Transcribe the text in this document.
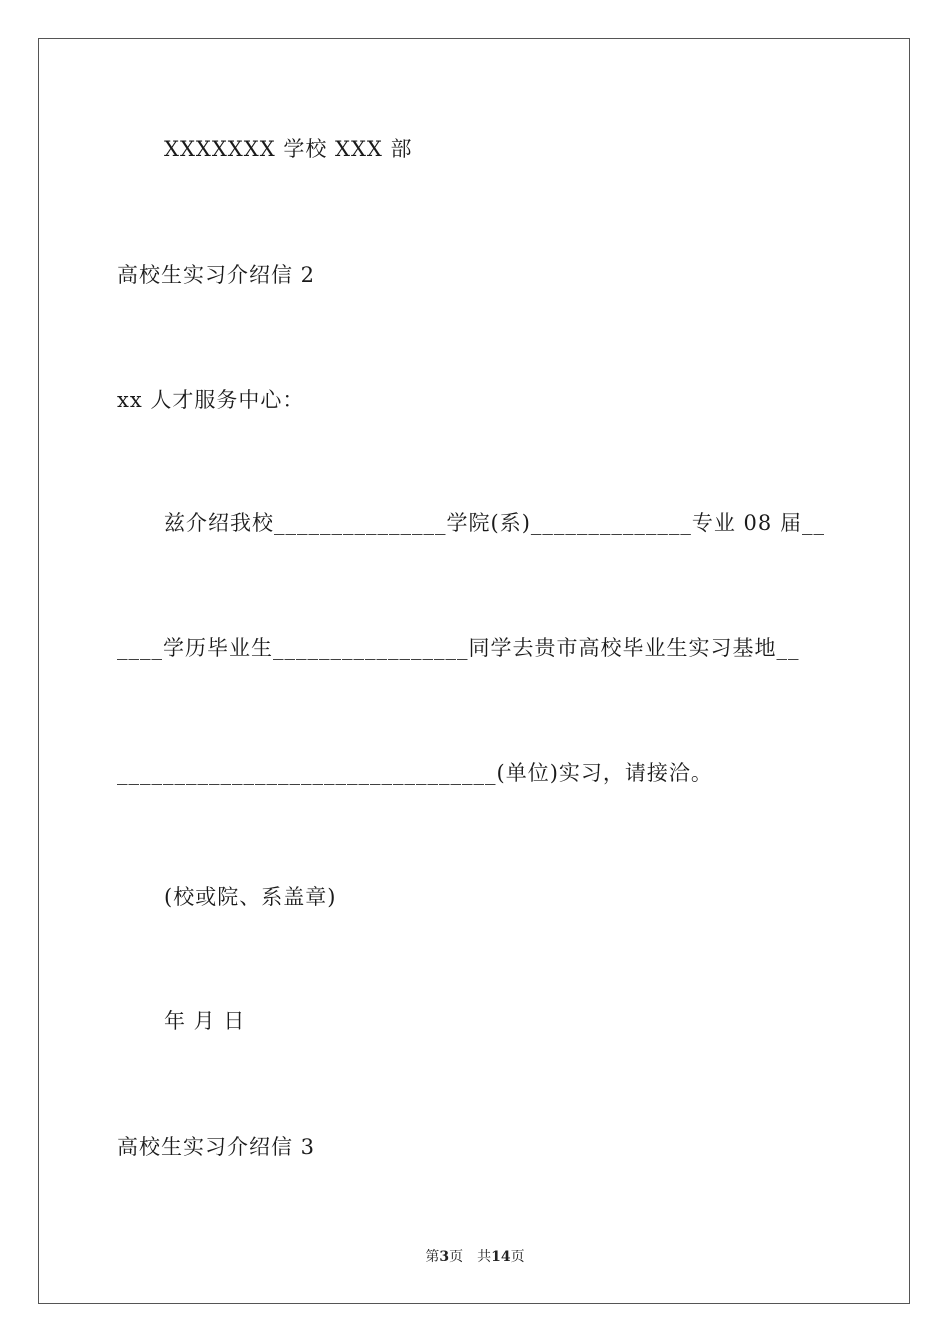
XXXXXXX 学校 XXX 部
高校生实习介绍信 2
xx 人才服务中心：
兹介绍我校_______________学院(系)______________专业 08 届__
____学历毕业生_________________同学去贵市高校毕业生实习基地__
_________________________________(单位)实习，请接洽。
(校或院、系盖章)
年 月 日
高校生实习介绍信 3
第3页　共14页
